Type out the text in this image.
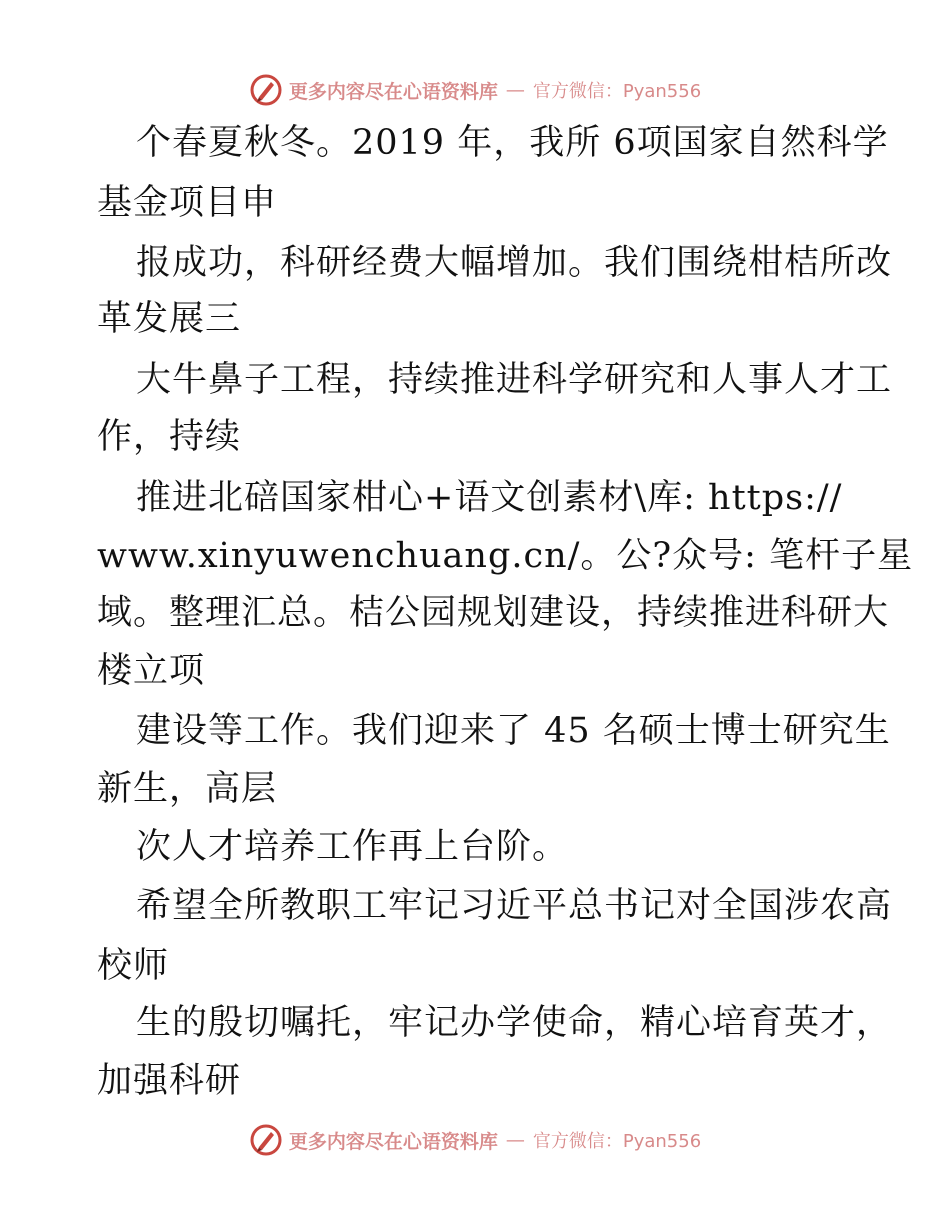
更多内容尽在心语资料库 — 官方微信：Pyan556
个春夏秋冬。2019 年，我所 6项国家自然科学
基金项目申
报成功，科研经费大幅增加。我们围绕柑桔所改
革发展三
大牛鼻子工程，持续推进科学研究和人事人才工
作，持续
推进北碚国家柑心+语文创素材\库: https://
www.xinyuwenchuang.cn/。公?众号: 笔杆子星
域。整理汇总。桔公园规划建设，持续推进科研大
楼立项
建设等工作。我们迎来了 45 名硕士博士研究生
新生，高层
次人才培养工作再上台阶。
希望全所教职工牢记习近平总书记对全国涉农高
校师
生的殷切嘱托，牢记办学使命，精心培育英才，
加强科研
更多内容尽在心语资料库 — 官方微信：Pyan556
